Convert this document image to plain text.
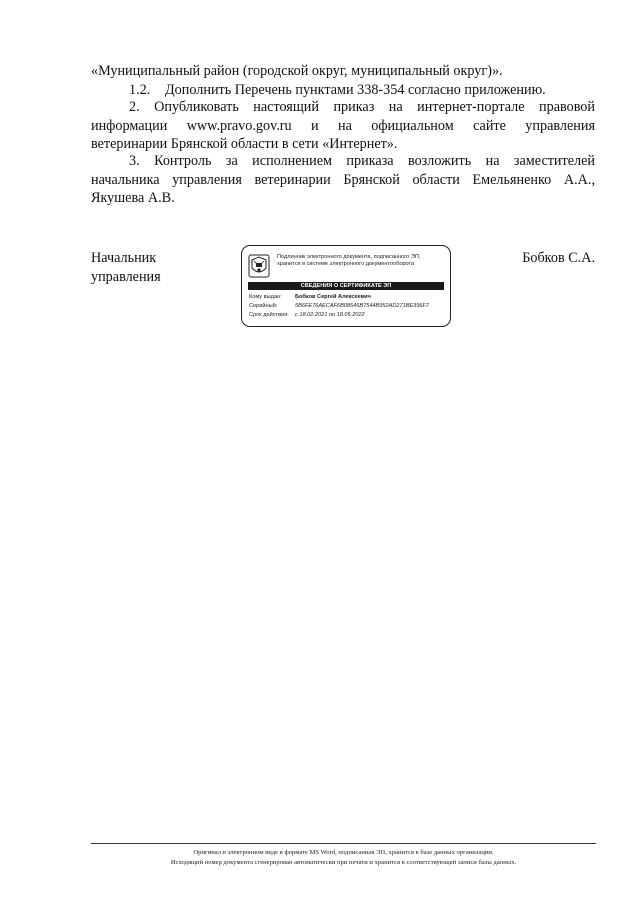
«Муниципальный район (городской округ, муниципальный округ)».

1.2. Дополнить Перечень пунктами 338-354 согласно приложению.

2. Опубликовать настоящий приказ на интернет-портале правовой
информации www.pravo.gov.ru и на официальном сайте управления
ветеринарии Брянской области в сети «Интернет».
3. Контроль за исполнением приказа возложить на заместителей
начальника управления ветеринарии Брянской области Емельяненко А.А.,
Якушева А.В.
Начальник
управления
Подлинник электронного документа, подписанного ЭП,
хранится в системе электронного документооборота
СВЕДЕНИЯ О СЕРТИФИКАТЕ ЭП
Кому выдан: Бобков Сергей Алексеевич
Серийный:	5B6FE76AECAF6B08545B7544B952AD271BE396F7
Срок действия: с 18.02.2021 по 18.05.2022
Бобков С.А.
Оригинал в электронном виде в формате MS Word, подписанная ЭП, хранится в базе данных организации.
Исходящий номер документа сгенерирован автоматически при печати и хранится в соответствующей записи базы данных.
